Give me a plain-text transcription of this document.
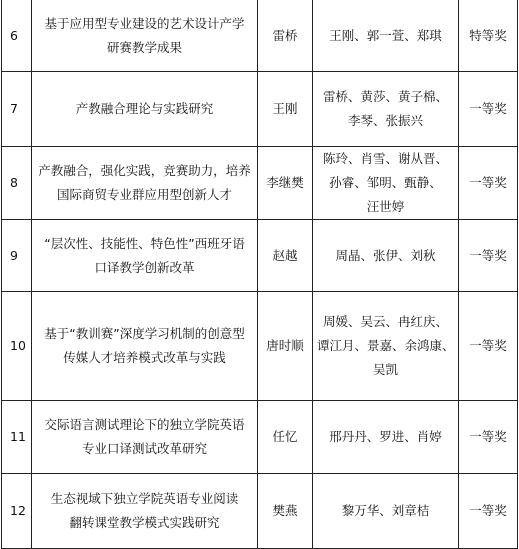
6	基于应用型专业建设的艺术设计产学
研赛教学成果	雷桥	王刚、郭一萱、郑琪	特等奖
7	产教融合理论与实践研究	王刚	雷桥、黄莎、黄子棉、
李琴、张振兴	一等奖
8	产教融合，强化实践，竞赛助力，培养
国际商贸专业群应用型创新人才	李继樊	陈玲、肖雪、谢从晋、
孙睿、邹明、甄静、
汪世婷	一等奖
9	“层次性、技能性、特色性”西班牙语
口译教学创新改革	赵越	周晶、张伊、刘秋	一等奖
10	基于“教训赛”深度学习机制的创意型
传媒人才培养模式改革与实践	唐时顺	周媛、吴云、冉红庆、
谭江月、景嘉、余鸿康、
吴凯	一等奖
11	交际语言测试理论下的独立学院英语
专业口译测试改革研究	任忆	邢丹丹、罗进、肖婷	一等奖
12	生态视域下独立学院英语专业阅读
翻转课堂教学模式实践研究	樊燕	黎万华、刘章桔	一等奖
